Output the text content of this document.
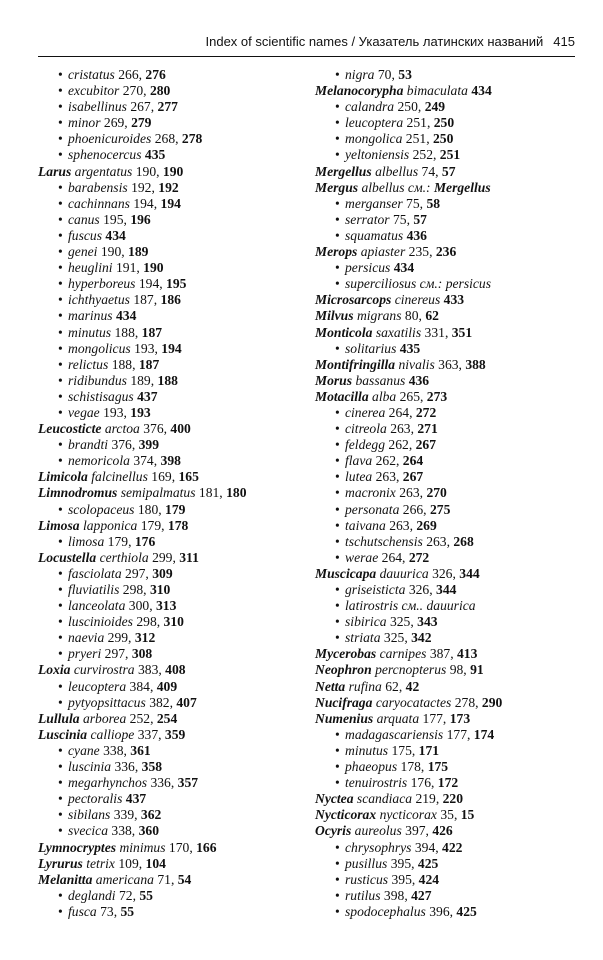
Index of scientific names / Указатель латинских названий 415
• cristatus 266, 276
• excubitor 270, 280
• isabellinus 267, 277
• minor 269, 279
• phoenicuroides 268, 278
• sphenocercus 435
Larus argentatus 190, 190
• barabensis 192, 192
• cachinnans 194, 194
• canus 195, 196
• fuscus 434
• genei 190, 189
• heuglini 191, 190
• hyperboreus 194, 195
• ichthyaetus 187, 186
• marinus 434
• minutus 188, 187
• mongolicus 193, 194
• relictus 188, 187
• ridibundus 189, 188
• schistisagus 437
• vegae 193, 193
Leucosticte arctoa 376, 400
• brandti 376, 399
• nemoricola 374, 398
Limicola falcinellus 169, 165
Limnodromus semipalmatus 181, 180
• scolopaceus 180, 179
Limosa lapponica 179, 178
• limosa 179, 176
Locustella certhiola 299, 311
• fasciolata 297, 309
• fluviatilis 298, 310
• lanceolata 300, 313
• luscinioides 298, 310
• naevia 299, 312
• pryeri 297, 308
Loxia curvirostra 383, 408
• leucoptera 384, 409
• pytyopsittacus 382, 407
Lullula arborea 252, 254
Luscinia calliope 337, 359
• cyane 338, 361
• luscinia 336, 358
• megarhynchos 336, 357
• pectoralis 437
• sibilans 339, 362
• svecica 338, 360
Lymnocryptes minimus 170, 166
Lyrurus tetrix 109, 104
Melanitta americana 71, 54
• deglandi 72, 55
• fusca 73, 55
• nigra 70, 53
Melanocorypha bimaculata 434
• calandra 250, 249
• leucoptera 251, 250
• mongolica 251, 250
• yeltoniensis 252, 251
Mergellus albellus 74, 57
Mergus albellus см.: Mergellus
• merganser 75, 58
• serrator 75, 57
• squamatus 436
Merops apiaster 235, 236
• persicus 434
• superciliosus см.: persicus
Microsarcops cinereus 433
Milvus migrans 80, 62
Monticola saxatilis 331, 351
• solitarius 435
Montifringilla nivalis 363, 388
Morus bassanus 436
Motacilla alba 265, 273
• cinerea 264, 272
• citreola 263, 271
• feldegg 262, 267
• flava 262, 264
• lutea 263, 267
• macronix 263, 270
• personata 266, 275
• taivana 263, 269
• tschutschensis 263, 268
• werae 264, 272
Muscicapa dauurica 326, 344
• griseisticta 326, 344
• latirostris см.. dauurica
• sibirica 325, 343
• striata 325, 342
Mycerobas carnipes 387, 413
Neophron percnopterus 98, 91
Netta rufina 62, 42
Nucifraga caryocatactes 278, 290
Numenius arquata 177, 173
• madagascariensis 177, 174
• minutus 175, 171
• phaeopus 178, 175
• tenuirostris 176, 172
Nyctea scandiaca 219, 220
Nycticorax nycticorax 35, 15
Ocyris aureolus 397, 426
• chrysophrys 394, 422
• pusillus 395, 425
• rusticus 395, 424
• rutilus 398, 427
• spodocephalus 396, 425
